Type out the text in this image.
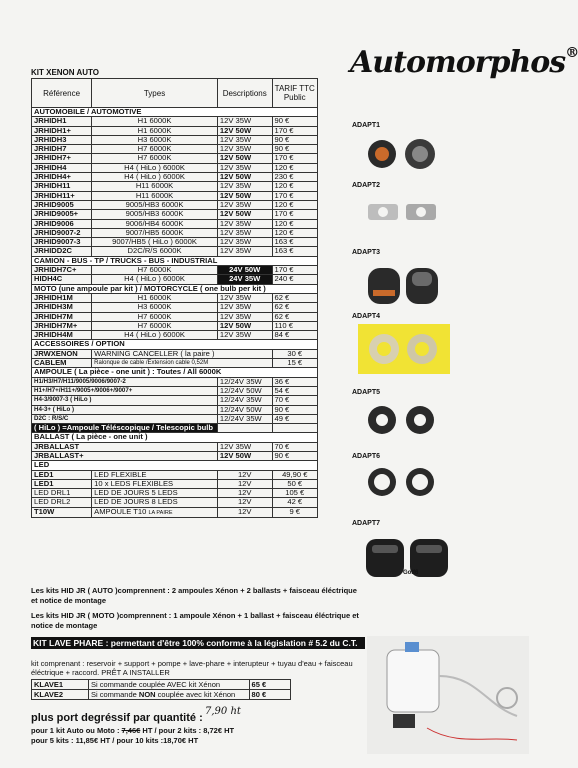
Automorphos®
KIT XENON AUTO
Référence	Types	Descriptions	TARIF TTC Public
AUTOMOBILE / AUTOMOTIVE			
JRHIDH1	H1 6000K	12V 35W	90 €
JRHIDH1+	H1 6000K	12V 50W	170 €
JRHIDH3	H3 6000K	12V 35W	90 €
JRHIDH7	H7 6000K	12V 35W	90 €
JRHIDH7+	H7 6000K	12V 50W	170 €
JRHIDH4	H4 ( HiLo ) 6000K	12V 35W	120 €
JRHIDH4+	H4 ( HiLo ) 6000K	12V 50W	230 €
JRHIDH11	H11 6000K	12V 35W	120 €
JRHIDH11+	H11 6000K	12V 50W	170 €
JRHID9005	9005/HB3 6000K	12V 35W	120 €
JRHID9005+	9005/HB3 6000K	12V 50W	170 €
JRHID9006	9006/HB4 6000K	12V 35W	120 €
JRHID9007-2	9007/HB5 6000K	12V 35W	120 €
JRHID9007-3	9007/HB5 ( HiLo ) 6000K	12V 35W	163 €
JRHIDD2C	D2C/R/S 6000K	12V 35W	163 €
CAMION - BUS - TP / TRUCKS - BUS - INDUSTRIAL			
JRHIDH7C+	H7 6000K	24V 50W	170 €
HIDH4C	H4 ( HiLo ) 6000K	24V 35W	240 €
MOTO (une ampoule par kit ) / MOTORCYCLE ( one bulb per kit )			
JRHIDH1M	H1 6000K	12V 35W	62 €
JRHIDH3M	H3 6000K	12V 35W	62 €
JRHIDH7M	H7 6000K	12V 35W	62 €
JRHIDH7M+	H7 6000K	12V 50W	110 €
JRHIDH4M	H4 ( HiLo ) 6000K	12V 35W	84 €
ACCESSOIRES / OPTION			
JRWXENON	WARNING CANCELLER ( la paire )		30 €
CABLEM	Ralonque de cable /Extension cable 0,52M		15 €
AMPOULE ( La pièce - one unit ) : Toutes / All 6000K			
H1/H3/H7/H11/9005/9006/9007-2		12/24V 35W	36 €
H1+/H7+/H11+/9005+/9006+/9007+		12/24V 50W	54 €
H4-3/9007-3 ( HiLo )		12/24V 35W	70 €
H4-3+ ( HiLo )		12/24V 50W	90 €
D2C : R/S/C		12/24V 35W	49 €
( HiLo ) =Ampoule Téléscopique / Telescopic bulb			
BALLAST ( La pièce - one unit )			
JRBALLAST		12V 35W	70 €
JRBALLAST+		12V 50W	90 €
LED			
LED1	LED FLEXIBLE	12V	49,90 €
LED1	10 x LEDS FLEXIBLES	12V	50 €
LED DRL1	LED DE JOURS 5 LEDS	12V	105 €
LED DRL2	LED DE JOURS 8 LEDS	12V	42 €
T10W	AMPOULE T10 LA PAIRE	12V	9 €
Les kits HID JR ( AUTO )comprennent : 2 ampoules Xénon + 2 ballasts + faisceau éléctrique et notice de montage
Les kits HID JR ( MOTO )comprennent : 1 ampoule Xénon + 1 ballast + faisceau éléctrique et notice de montage
KIT LAVE PHARE : permettant d'être 100% conforme à la législation # 5.2 du C.T.
kit comprenant : reservoir + support + pompe + lave-phare + interupteur + tuyau d'eau + faisceau éléctrique + raccord. PRÊT A INSTALLER
KLAVE1	Si commande couplée AVEC kit Xénon	65 €
KLAVE2	Si commande NON couplée avec kit Xénon	80 €
plus port degréssif par quantité :
7,90 ht
pour 1 kit Auto ou Moto : 7,46€ HT / pour 2 kits : 8,72€ HT
pour 5 kits : 11,85€ HT / pour 10 kits :18,70€ HT
ADAPT1
ADAPT2
ADAPT3
ADAPT4
ADAPT5
ADAPT6
ADAPT7
Golf6
